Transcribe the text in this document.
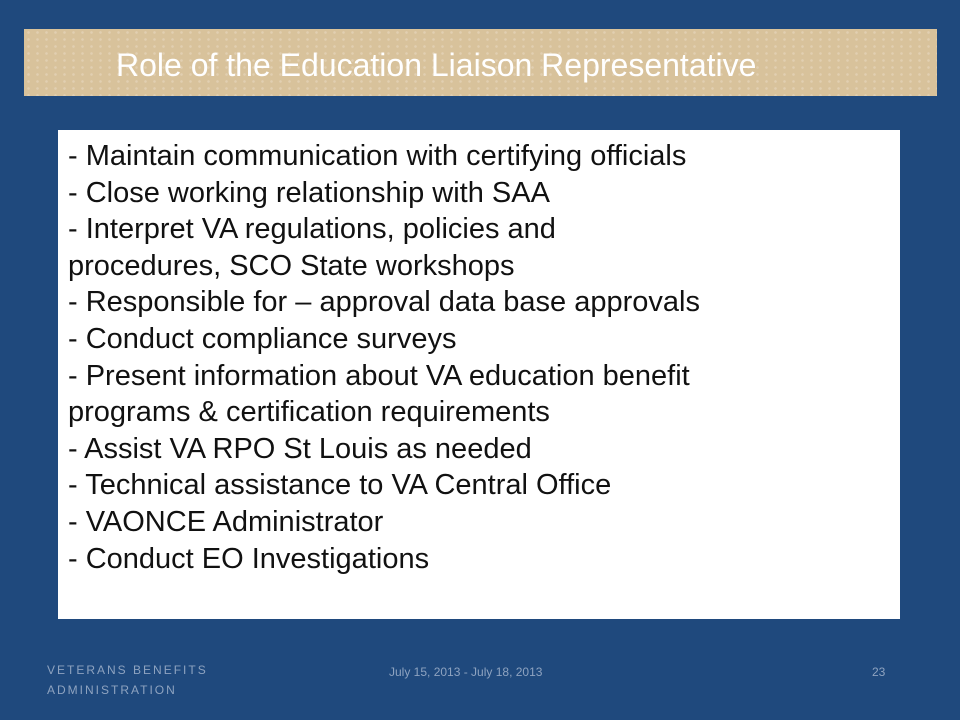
Role of the Education Liaison Representative
- Maintain communication with certifying officials
- Close working relationship with SAA
- Interpret VA regulations, policies and
procedures, SCO State workshops
- Responsible for – approval data base approvals
- Conduct compliance surveys
- Present information about VA education benefit
programs & certification requirements
- Assist VA RPO St Louis as needed
- Technical assistance to VA Central Office
- VAONCE Administrator
- Conduct EO Investigations
VETERANS BENEFITS
ADMINISTRATION
July 15, 2013 - July 18, 2013	23
